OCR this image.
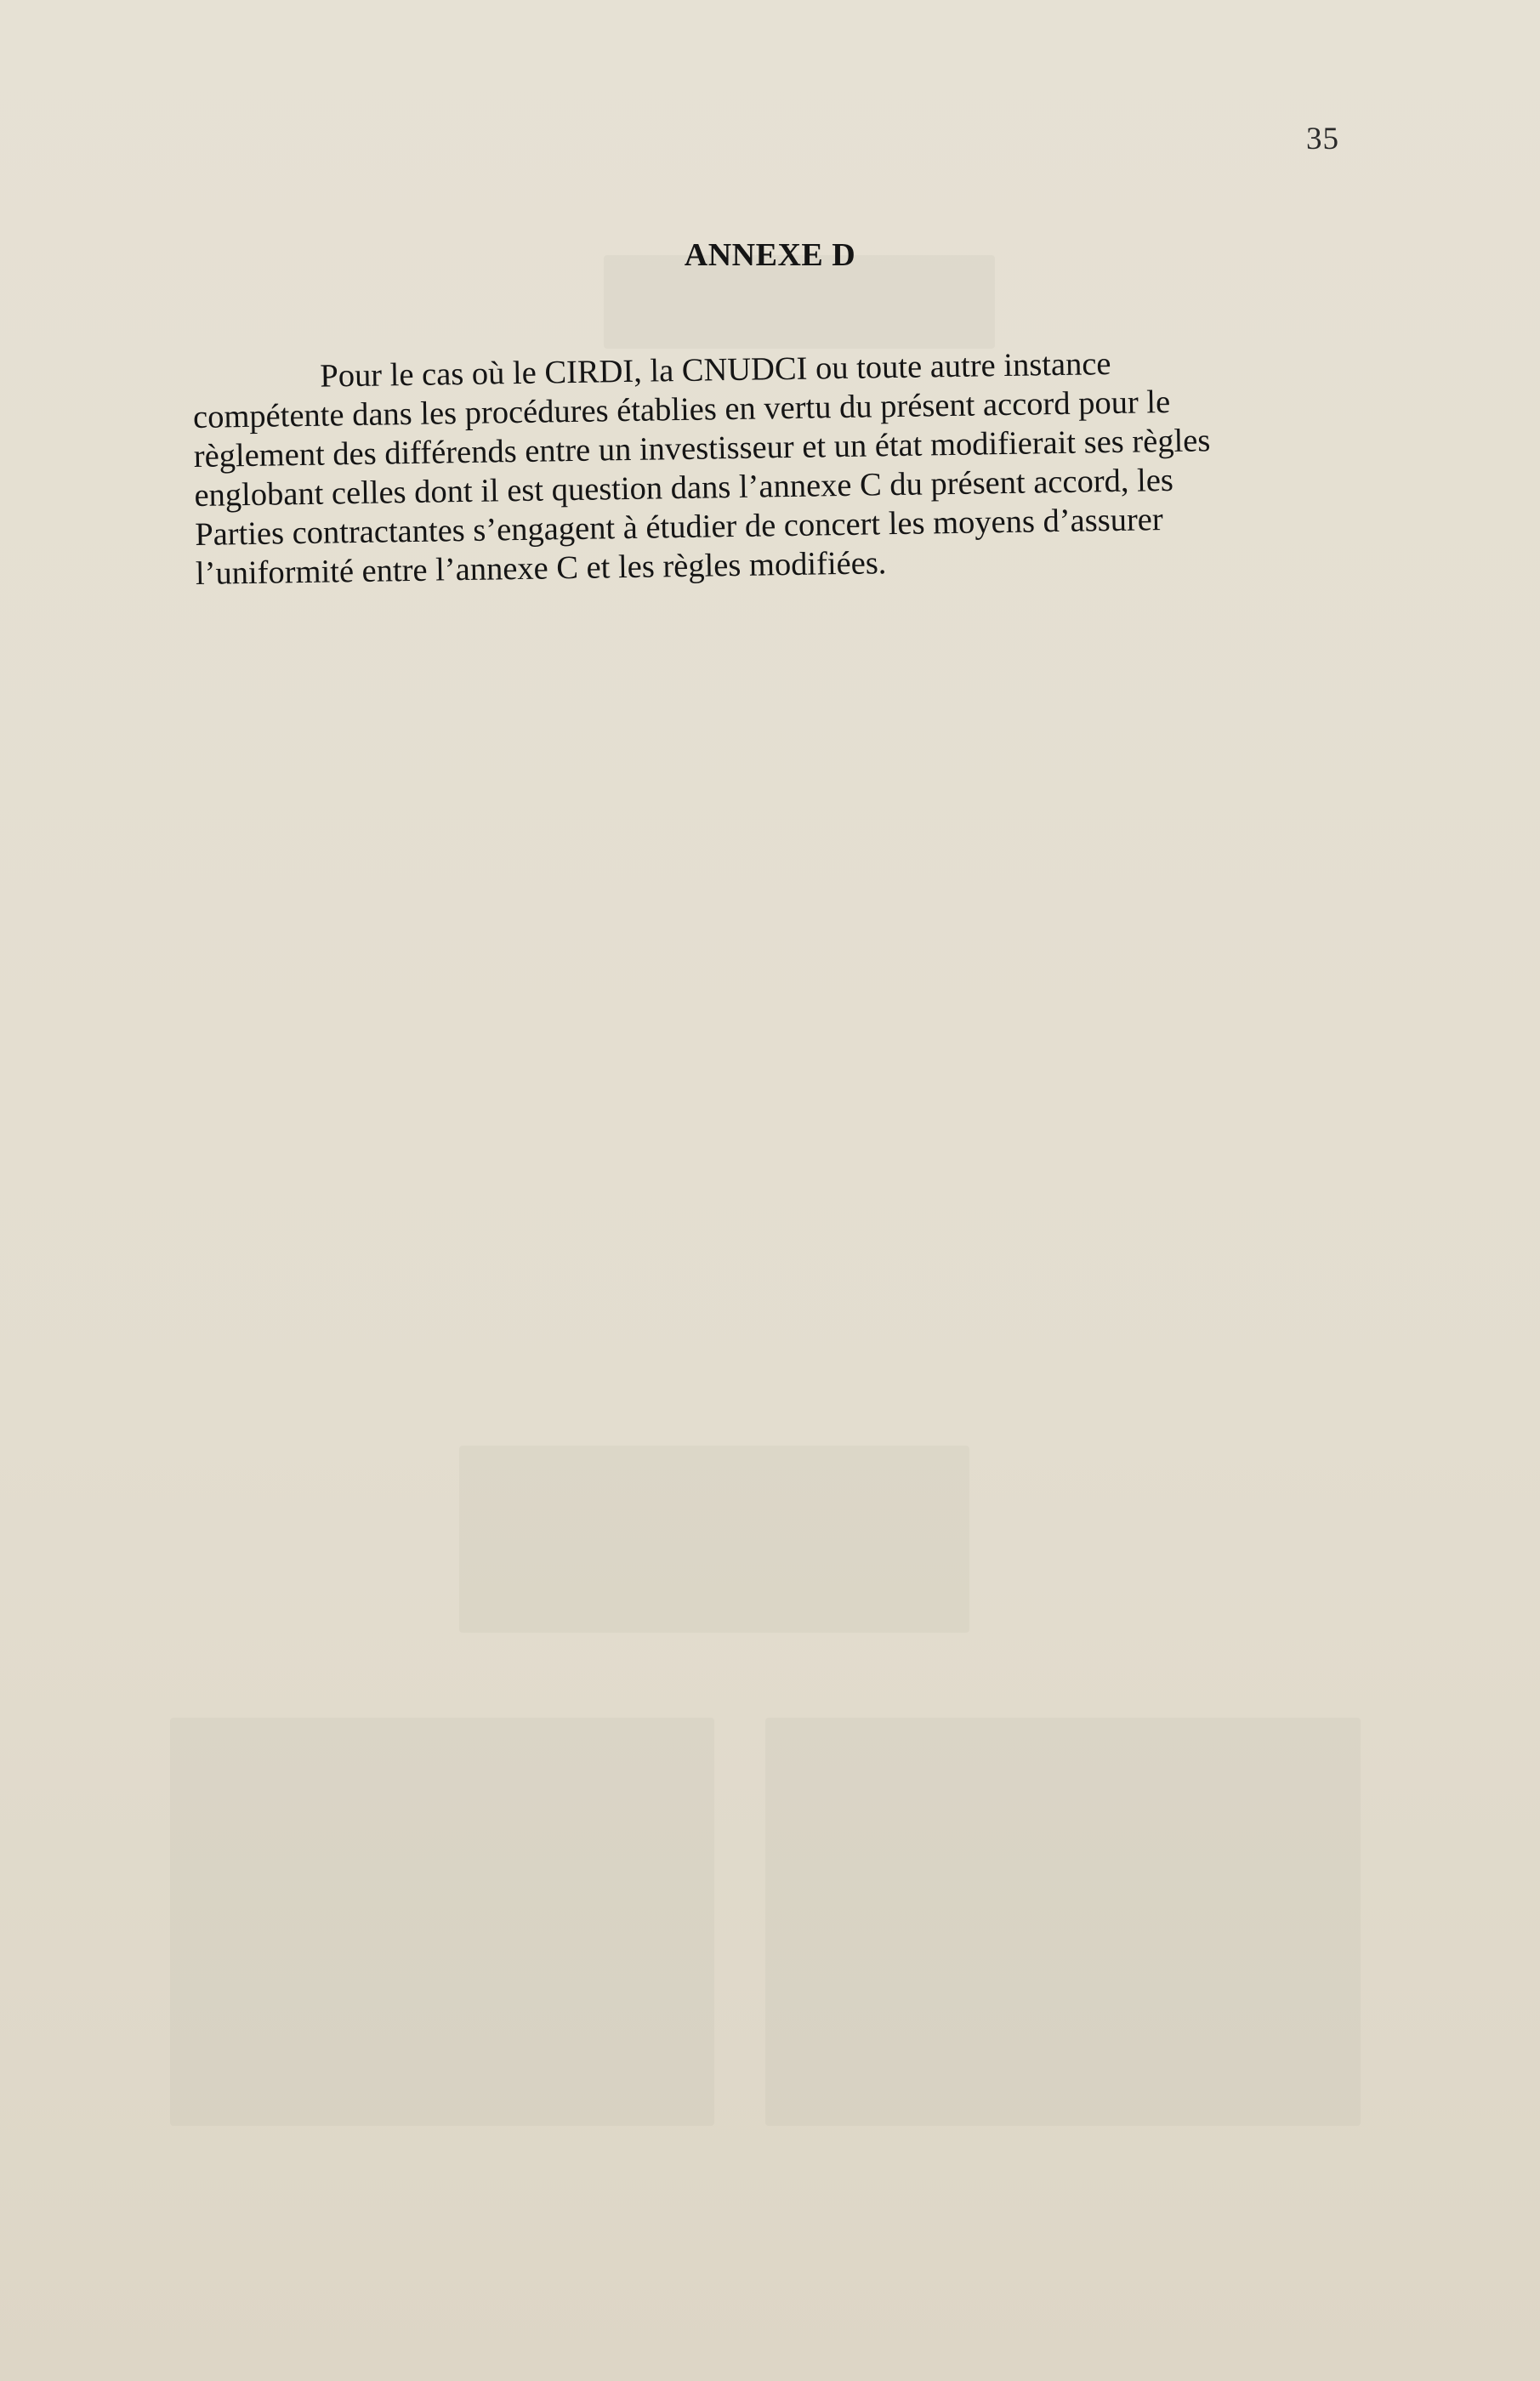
35
ANNEXE D
Pour le cas où le CIRDI, la CNUDCI ou toute autre instance
compétente dans les procédures établies en vertu du présent accord pour le
règlement des différends entre un investisseur et un état modifierait ses règles
englobant celles dont il est question dans l’annexe C du présent accord, les
Parties contractantes s’engagent à étudier de concert les moyens d’assurer
l’uniformité entre l’annexe C et les règles modifiées.
